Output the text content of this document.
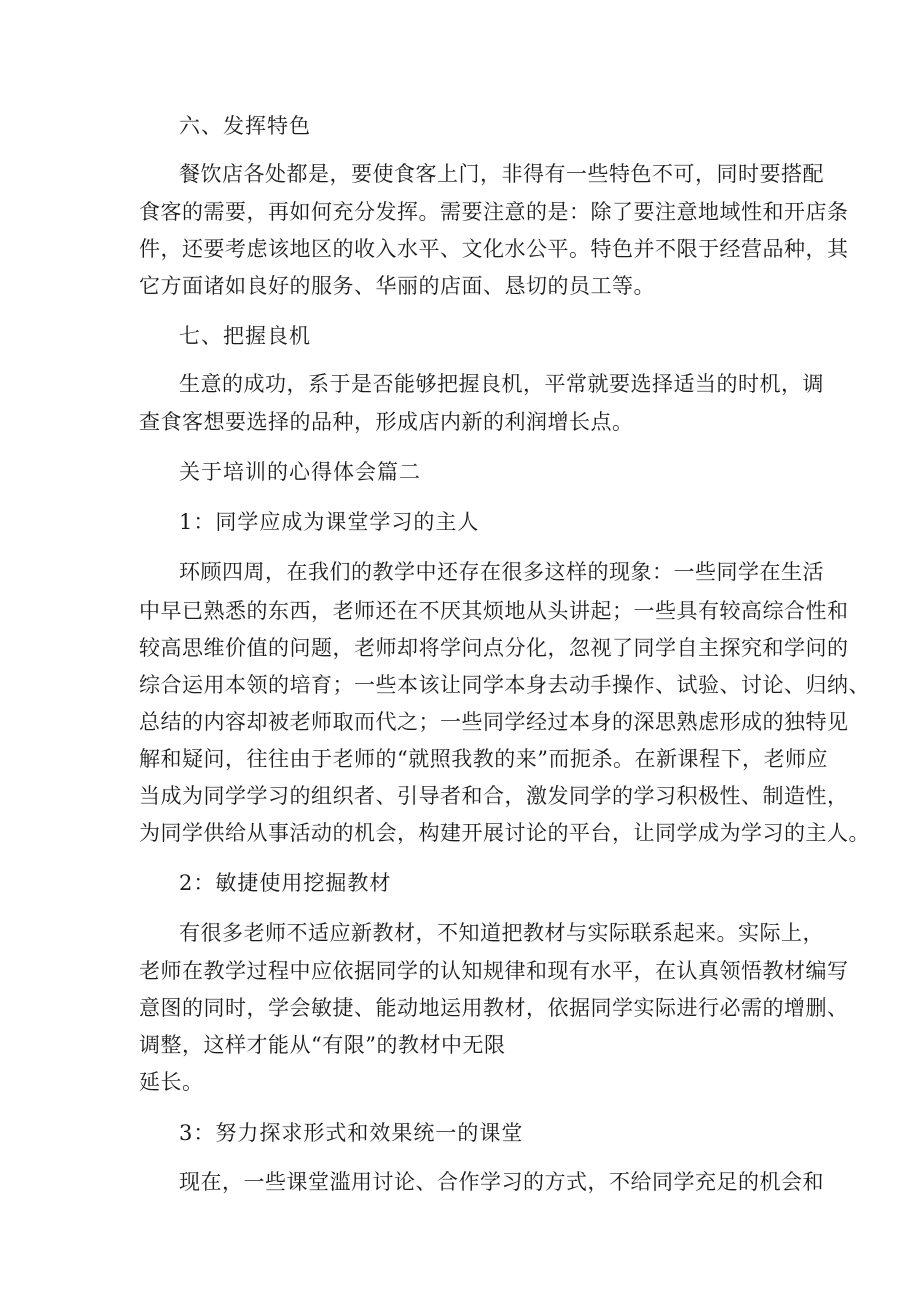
六、发挥特色
餐饮店各处都是，要使食客上门，非得有一些特色不可，同时要搭配
食客的需要，再如何充分发挥。需要注意的是：除了要注意地域性和开店条
件，还要考虑该地区的收入水平、文化水公平。特色并不限于经营品种，其
它方面诸如良好的服务、华丽的店面、恳切的员工等。
七、把握良机
生意的成功，系于是否能够把握良机，平常就要选择适当的时机，调
查食客想要选择的品种，形成店内新的利润增长点。
关于培训的心得体会篇二
1：同学应成为课堂学习的主人
环顾四周，在我们的教学中还存在很多这样的现象：一些同学在生活
中早已熟悉的东西，老师还在不厌其烦地从头讲起；一些具有较高综合性和
较高思维价值的问题，老师却将学问点分化，忽视了同学自主探究和学问的
综合运用本领的培育；一些本该让同学本身去动手操作、试验、讨论、归纳、
总结的内容却被老师取而代之；一些同学经过本身的深思熟虑形成的独特见
解和疑问，往往由于老师的“就照我教的来”而扼杀。在新课程下，老师应
当成为同学学习的组织者、引导者和合，激发同学的学习积极性、制造性，
为同学供给从事活动的机会，构建开展讨论的平台，让同学成为学习的主人。
2：敏捷使用挖掘教材
有很多老师不适应新教材，不知道把教材与实际联系起来。实际上，
老师在教学过程中应依据同学的认知规律和现有水平，在认真领悟教材编写
意图的同时，学会敏捷、能动地运用教材，依据同学实际进行必需的增删、
调整，这样才能从“有限”的教材中无限
延长。
3：努力探求形式和效果统一的课堂
现在，一些课堂滥用讨论、合作学习的方式，不给同学充足的机会和
